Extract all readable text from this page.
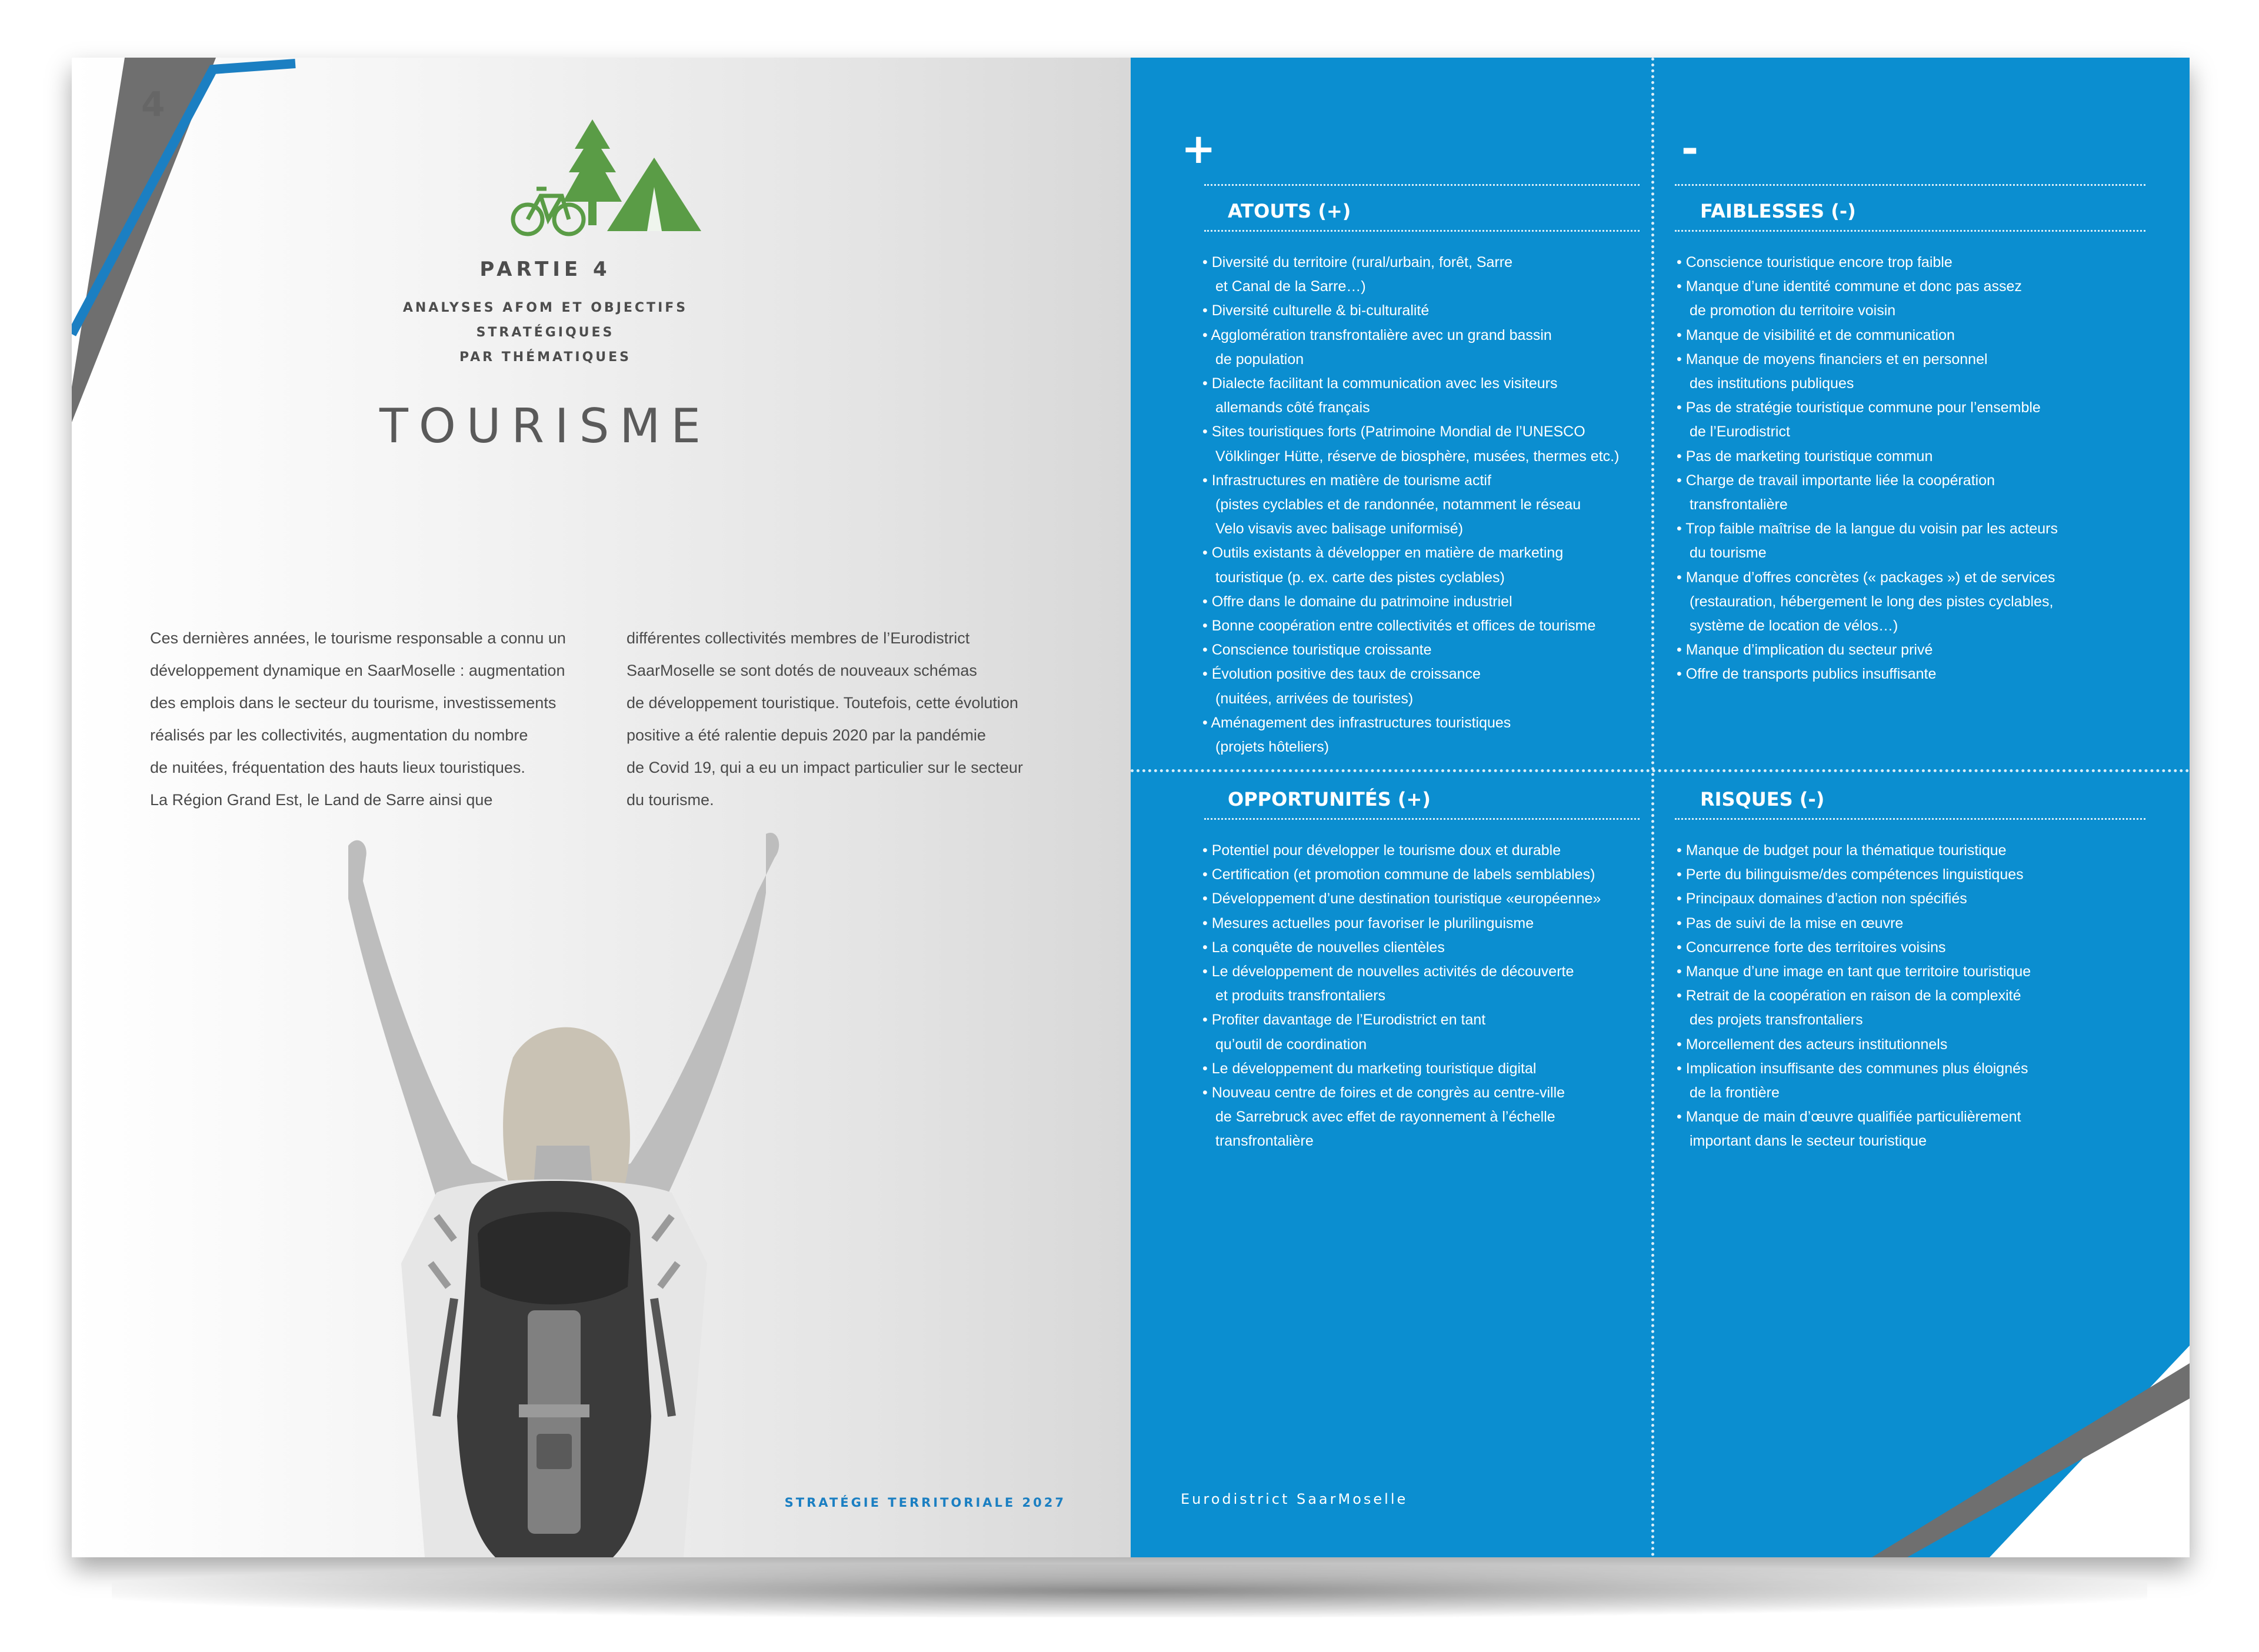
4
PARTIE 4
ANALYSES AFOM ET OBJECTIFS STRATÉGIQUES
PAR THÉMATIQUES
TOURISME

Ces dernières années, le tourisme responsable a connu un
développement dynamique en SaarMoselle : augmentation
des emplois dans le secteur du tourisme, investissements
réalisés par les collectivités, augmentation du nombre
de nuitées, fréquentation des hauts lieux touristiques.
La Région Grand Est, le Land de Sarre ainsi que

différentes collectivités membres de l’Eurodistrict
SaarMoselle se sont dotés de nouveaux schémas
de développement touristique. Toutefois, cette évolution
positive a été ralentie depuis 2020 par la pandémie
de Covid 19, qui a eu un impact particulier sur le secteur
du tourisme.

STRATÉGIE TERRITORIALE 2027
+	-
ATOUTS (+)	FAIBLESSES (-)
• Diversité du territoire (rural/urbain, forêt, Sarre
et Canal de la Sarre…)
• Diversité culturelle & bi-culturalité
• Agglomération transfrontalière avec un grand bassin
de population
• Dialecte facilitant la communication avec les visiteurs
allemands côté français
• Sites touristiques forts (Patrimoine Mondial de l’UNESCO
Völklinger Hütte, réserve de biosphère, musées, thermes etc.)
• Infrastructures en matière de tourisme actif
(pistes cyclables et de randonnée, notamment le réseau
Velo visavis avec balisage uniformisé)
• Outils existants à développer en matière de marketing
touristique (p. ex. carte des pistes cyclables)
• Offre dans le domaine du patrimoine industriel
• Bonne coopération entre collectivités et offices de tourisme
• Conscience touristique croissante
• Évolution positive des taux de croissance
(nuitées, arrivées de touristes)
• Aménagement des infrastructures touristiques
(projets hôteliers)
• Conscience touristique encore trop faible
• Manque d’une identité commune et donc pas assez
de promotion du territoire voisin
• Manque de visibilité et de communication
• Manque de moyens financiers et en personnel
des institutions publiques
• Pas de stratégie touristique commune pour l’ensemble
de l’Eurodistrict
• Pas de marketing touristique commun
• Charge de travail importante liée la coopération
transfrontalière
• Trop faible maîtrise de la langue du voisin par les acteurs
du tourisme
• Manque d’offres concrètes (« packages ») et de services
(restauration, hébergement le long des pistes cyclables,
système de location de vélos…)
• Manque d’implication du secteur privé
• Offre de transports publics insuffisante
OPPORTUNITÉS (+)	RISQUES (-)
• Potentiel pour développer le tourisme doux et durable
• Certification (et promotion commune de labels semblables)
• Développement d’une destination touristique «européenne»
• Mesures actuelles pour favoriser le plurilinguisme
• La conquête de nouvelles clientèles
• Le développement de nouvelles activités de découverte
et produits transfrontaliers
• Profiter davantage de l’Eurodistrict en tant
qu’outil de coordination
• Le développement du marketing touristique digital
• Nouveau centre de foires et de congrès au centre-ville
de Sarrebruck avec effet de rayonnement à l’échelle
transfrontalière
• Manque de budget pour la thématique touristique
• Perte du bilinguisme/des compétences linguistiques
• Principaux domaines d’action non spécifiés
• Pas de suivi de la mise en œuvre
• Concurrence forte des territoires voisins
• Manque d’une image en tant que territoire touristique
• Retrait de la coopération en raison de la complexité
des projets transfrontaliers
• Morcellement des acteurs institutionnels
• Implication insuffisante des communes plus éloignés
de la frontière
• Manque de main d’œuvre qualifiée particulièrement
important dans le secteur touristique
Eurodistrict SaarMoselle	30/31
